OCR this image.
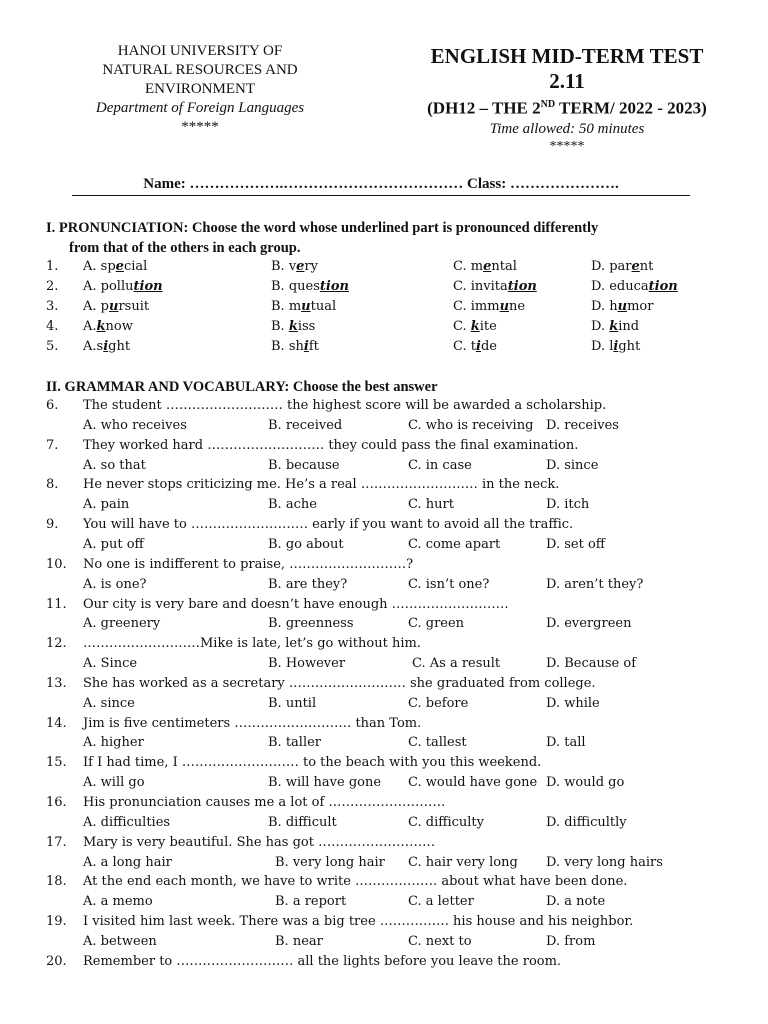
HANOI UNIVERSITY OF
NATURAL RESOURCES AND
ENVIRONMENT
Department of Foreign Languages
*****
ENGLISH MID-TERM TEST
2.11
(DH12 – THE 2ND TERM/ 2022 - 2023)
Time allowed: 50 minutes
*****
Name: ……………….……………………………… Class: ………………….
I. PRONUNCIATION: Choose the word whose underlined part is pronounced differently
from that of the others in each group.
1. A. special	B. very	C. mental	D. parent
2. A. pollution	B. question	C. invitation	D. education
3. A. pursuit	B. mutual	C. immune	D. humor
4. A.know	B. kiss	C. kite	D. kind
5. A.sight	B. shift	C. tide	D. light
II. GRAMMAR AND VOCABULARY: Choose the best answer
6. The student ……………………… the highest score will be awarded a scholarship.
A. who receives	B. received	C. who is receiving D. receives
7. They worked hard ……………………… they could pass the final examination.
A. so that	B. because	C. in case	D. since
8. He never stops criticizing me. He’s a real ……………………… in the neck.
A. pain	B. ache	C. hurt	D. itch
9. You will have to ……………………… early if you want to avoid all the traffic.
A. put off	B. go about	C. come apart	D. set off
10. No one is indifferent to praise, ………………………?
A. is one?	B. are they?	C. isn’t one?	D. aren’t they?
11. Our city is very bare and doesn’t have enough ………………………
A. greenery	B. greenness	C. green	D. evergreen
12. ………………………Mike is late, let’s go without him.
A. Since	B. However	C. As a result	D. Because of
13. She has worked as a secretary ……………………… she graduated from college.
A. since	B. until	C. before	D. while
14. Jim is five centimeters ……………………… than Tom.
A. higher	B. taller	C. tallest	D. tall
15. If I had time, I ……………………… to the beach with you this weekend.
A. will go	B. will have gone C. would have gone D. would go
16. His pronunciation causes me a lot of ………………………
A. difficulties	B. difficult	C. difficulty	D. difficultly
17. Mary is very beautiful. She has got ………………………
A. a long hair	B. very long hair C. hair very long D. very long hairs
18. At the end each month, we have to write ………………. about what have been done.
A. a memo	B. a report	C. a letter	D. a note
19. I visited him last week. There was a big tree ……………. his house and his neighbor.
A. between	B. near	C. next to	D. from
20. Remember to ……………………… all the lights before you leave the room.
